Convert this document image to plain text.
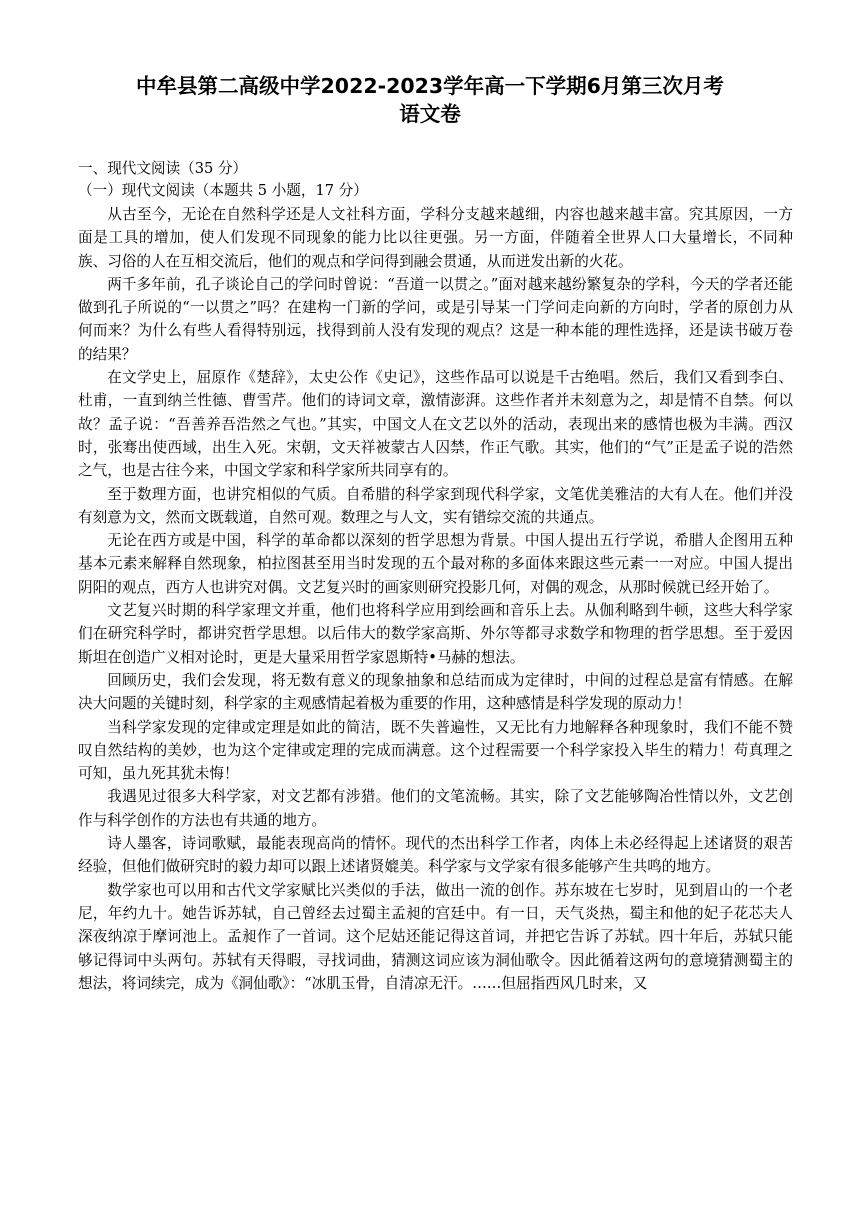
中牟县第二高级中学2022-2023学年高一下学期6月第三次月考
语文卷
一、现代文阅读（35 分）
（一）现代文阅读（本题共 5 小题，17 分）

从古至今，无论在自然科学还是人文社科方面，学科分支越来越细，内容也越来越丰富。究其原因，一方面是工具的增加，使人们发现不同现象的能力比以往更强。另一方面，伴随着全世界人口大量增长，不同种族、习俗的人在互相交流后，他们的观点和学问得到融会贯通，从而迸发出新的火花。

两千多年前，孔子谈论自己的学问时曾说：“吾道一以贯之。”面对越来越纷繁复杂的学科，今天的学者还能做到孔子所说的“一以贯之”吗？在建构一门新的学问，或是引导某一门学问走向新的方向时，学者的原创力从何而来？为什么有些人看得特别远，找得到前人没有发现的观点？这是一种本能的理性选择，还是读书破万卷的结果？

在文学史上，屈原作《楚辞》，太史公作《史记》，这些作品可以说是千古绝唱。然后，我们又看到李白、杜甫，一直到纳兰性德、曹雪芹。他们的诗词文章，激情澎湃。这些作者并未刻意为之，却是情不自禁。何以故？孟子说：“吾善养吾浩然之气也。”其实，中国文人在文艺以外的活动，表现出来的感情也极为丰满。西汉时，张骞出使西域，出生入死。宋朝，文天祥被蒙古人囚禁，作正气歌。其实，他们的“气”正是孟子说的浩然之气，也是古往今来，中国文学家和科学家所共同享有的。

至于数理方面，也讲究相似的气质。自希腊的科学家到现代科学家，文笔优美雅洁的大有人在。他们并没有刻意为文，然而文既载道，自然可观。数理之与人文，实有错综交流的共通点。

无论在西方或是中国，科学的革命都以深刻的哲学思想为背景。中国人提出五行学说，希腊人企图用五种基本元素来解释自然现象，柏拉图甚至用当时发现的五个最对称的多面体来跟这些元素一一对应。中国人提出阴阳的观点，西方人也讲究对偶。文艺复兴时的画家则研究投影几何，对偶的观念，从那时候就已经开始了。

文艺复兴时期的科学家理文并重，他们也将科学应用到绘画和音乐上去。从伽利略到牛顿，这些大科学家们在研究科学时，都讲究哲学思想。以后伟大的数学家高斯、外尔等都寻求数学和物理的哲学思想。至于爱因斯坦在创造广义相对论时，更是大量采用哲学家恩斯特•马赫的想法。

回顾历史，我们会发现，将无数有意义的现象抽象和总结而成为定律时，中间的过程总是富有情感。在解决大问题的关键时刻，科学家的主观感情起着极为重要的作用，这种感情是科学发现的原动力！

当科学家发现的定律或定理是如此的简洁，既不失普遍性，又无比有力地解释各种现象时，我们不能不赞叹自然结构的美妙，也为这个定律或定理的完成而满意。这个过程需要一个科学家投入毕生的精力！苟真理之可知，虽九死其犹未悔！

我遇见过很多大科学家，对文艺都有涉猎。他们的文笔流畅。其实，除了文艺能够陶冶性情以外，文艺创作与科学创作的方法也有共通的地方。

诗人墨客，诗词歌赋，最能表现高尚的情怀。现代的杰出科学工作者，肉体上未必经得起上述诸贤的艰苦经验，但他们做研究时的毅力却可以跟上述诸贤媲美。科学家与文学家有很多能够产生共鸣的地方。

数学家也可以用和古代文学家赋比兴类似的手法，做出一流的创作。苏东坡在七岁时，见到眉山的一个老尼，年约九十。她告诉苏轼，自己曾经去过蜀主孟昶的宫廷中。有一日，天气炎热，蜀主和他的妃子花芯夫人深夜纳凉于摩诃池上。孟昶作了一首词。这个尼姑还能记得这首词，并把它告诉了苏轼。四十年后，苏轼只能够记得词中头两句。苏轼有天得暇，寻找词曲，猜测这词应该为洞仙歌令。因此循着这两句的意境猜测蜀主的想法，将词续完，成为《洞仙歌》：“冰肌玉骨，自清凉无汗。……但屈指西风几时来，又
